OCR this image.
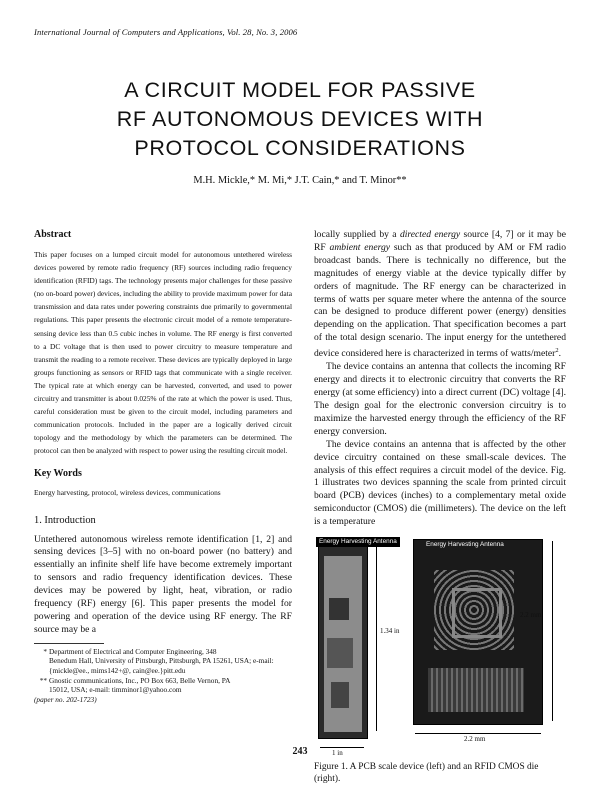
International Journal of Computers and Applications, Vol. 28, No. 3, 2006
A CIRCUIT MODEL FOR PASSIVE
RF AUTONOMOUS DEVICES WITH
PROTOCOL CONSIDERATIONS
M.H. Mickle,* M. Mi,* J.T. Cain,* and T. Minor**
Abstract

This paper focuses on a lumped circuit model for autonomous untethered wireless devices powered by remote radio frequency (RF) sources including radio frequency identification (RFID) tags. The technology presents major challenges for these passive (no on-board power) devices, including the ability to provide maximum power for data transmission and data rates under powering constraints due primarily to governmental regulations. This paper presents the electronic circuit model of a remote temperature-sensing device less than 0.5 cubic inches in volume. The RF energy is first converted to a DC voltage that is then used to power circuitry to measure temperature and transmit the reading to a remote receiver. These devices are typically deployed in large groups functioning as sensors or RFID tags that communicate with a single receiver. The typical rate at which energy can be harvested, converted, and used to power circuitry and transmitter is about 0.025% of the rate at which the power is used. Thus, careful consideration must be given to the circuit model, including parameters and communication protocols. Included in the paper are a logically derived circuit topology and the methodology by which the parameters can be determined. The protocol can then be analyzed with respect to power using the resulting circuit model.

Key Words

Energy harvesting, protocol, wireless devices, communications

1. Introduction

Untethered autonomous wireless remote identification [1, 2] and sensing devices [3–5] with no on-board power (no battery) and essentially an infinite shelf life have become extremely important to sensors and radio frequency identification devices. These devices may be powered by light, heat, vibration, or radio frequency (RF) energy [6]. This paper presents the model for powering and operation of the device using RF energy. The RF source may be a

* Department of Electrical and Computer Engineering, 348
Benedum Hall, University of Pittsburgh, Pittsburgh, PA 15261, USA; e-mail: {mickle@ee., mims142+@, cain@ee.}pitt.edu

** Gnostic communications, Inc., PO Box 663, Belle Vernon, PA
15012, USA; e-mail: timminor1@yahoo.com

(paper no. 202-1723)

locally supplied by a directed energy source [4, 7] or it may be RF ambient energy such as that produced by AM or FM radio broadcast bands. There is technically no difference, but the magnitudes of energy viable at the device typically differ by orders of magnitude. The RF energy can be characterized in terms of watts per square meter where the antenna of the source can be designed to produce different power (energy) densities depending on the application. That specification becomes a part of the total design scenario. The input energy for the untethered device considered here is characterized in terms of watts/meter$^2$.

The device contains an antenna that collects the incoming RF energy and directs it to electronic circuitry that converts the RF energy (at some efficiency) into a direct current (DC) voltage [4]. The design goal for the electronic conversion circuitry is to maximize the harvested energy through the efficiency of the RF energy conversion.

The device contains an antenna that is affected by the other device circuitry contained on these small-scale devices. The analysis of this effect requires a circuit model of the device. Fig. 1 illustrates two devices spanning the scale from printed circuit board (PCB) devices (inches) to a complementary metal oxide semiconductor (CMOS) die (millimeters). The device on the left is a temperature

Energy Harvesting Antenna
1.34 in
1 in
Energy Harvesting Antenna
2.2 mm
2.2 mm

Figure 1. A PCB scale device (left) and an RFID CMOS die (right).

243
